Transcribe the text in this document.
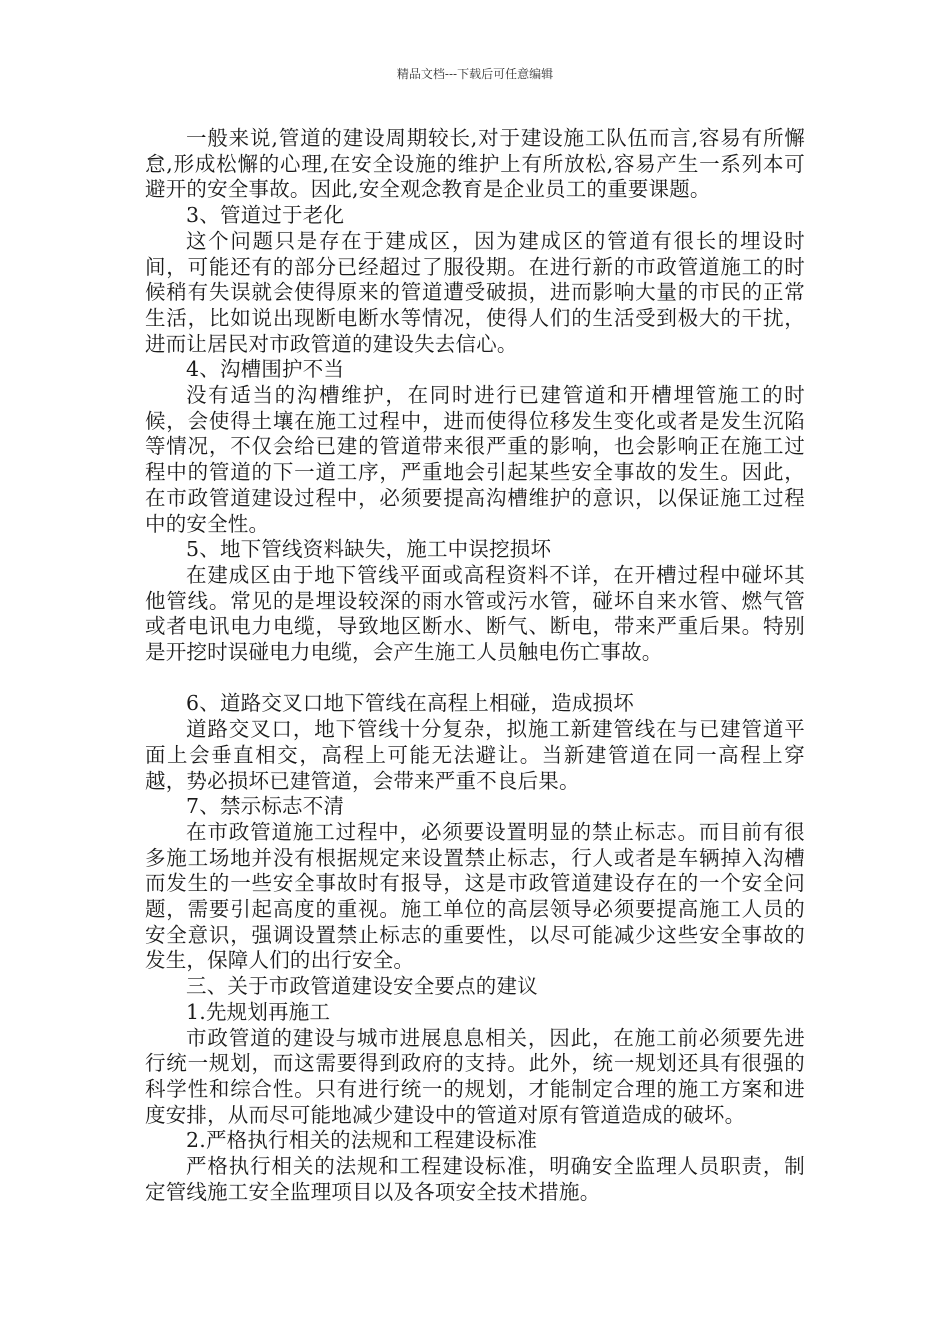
精品文档---下载后可任意编辑

一般来说,管道的建设周期较长,对于建设施工队伍而言,容易有所懈怠,形成松懈的心理,在安全设施的维护上有所放松,容易产生一系列本可避开的安全事故。因此,安全观念教育是企业员工的重要课题。

3、管道过于老化

这个问题只是存在于建成区，因为建成区的管道有很长的埋设时间，可能还有的部分已经超过了服役期。在进行新的市政管道施工的时候稍有失误就会使得原来的管道遭受破损，进而影响大量的市民的正常生活，比如说出现断电断水等情况，使得人们的生活受到极大的干扰，进而让居民对市政管道的建设失去信心。

4、沟槽围护不当

没有适当的沟槽维护，在同时进行已建管道和开槽埋管施工的时候，会使得土壤在施工过程中，进而使得位移发生变化或者是发生沉陷等情况，不仅会给已建的管道带来很严重的影响，也会影响正在施工过程中的管道的下一道工序，严重地会引起某些安全事故的发生。因此，在市政管道建设过程中，必须要提高沟槽维护的意识，以保证施工过程中的安全性。

5、地下管线资料缺失，施工中误挖损坏

在建成区由于地下管线平面或高程资料不详，在开槽过程中碰坏其他管线。常见的是埋设较深的雨水管或污水管，碰坏自来水管、燃气管或者电讯电力电缆，导致地区断水、断气、断电，带来严重后果。特别是开挖时误碰电力电缆，会产生施工人员触电伤亡事故。

6、道路交叉口地下管线在高程上相碰，造成损坏

道路交叉口，地下管线十分复杂，拟施工新建管线在与已建管道平面上会垂直相交，高程上可能无法避让。当新建管道在同一高程上穿越，势必损坏已建管道，会带来严重不良后果。

7、禁示标志不清

在市政管道施工过程中，必须要设置明显的禁止标志。而目前有很多施工场地并没有根据规定来设置禁止标志，行人或者是车辆掉入沟槽而发生的一些安全事故时有报导，这是市政管道建设存在的一个安全问题，需要引起高度的重视。施工单位的高层领导必须要提高施工人员的安全意识，强调设置禁止标志的重要性，以尽可能减少这些安全事故的发生，保障人们的出行安全。

三、关于市政管道建设安全要点的建议

1.先规划再施工

市政管道的建设与城市进展息息相关，因此，在施工前必须要先进行统一规划，而这需要得到政府的支持。此外，统一规划还具有很强的科学性和综合性。只有进行统一的规划，才能制定合理的施工方案和进度安排，从而尽可能地减少建设中的管道对原有管道造成的破坏。

2.严格执行相关的法规和工程建设标准

严格执行相关的法规和工程建设标准，明确安全监理人员职责，制定管线施工安全监理项目以及各项安全技术措施。
